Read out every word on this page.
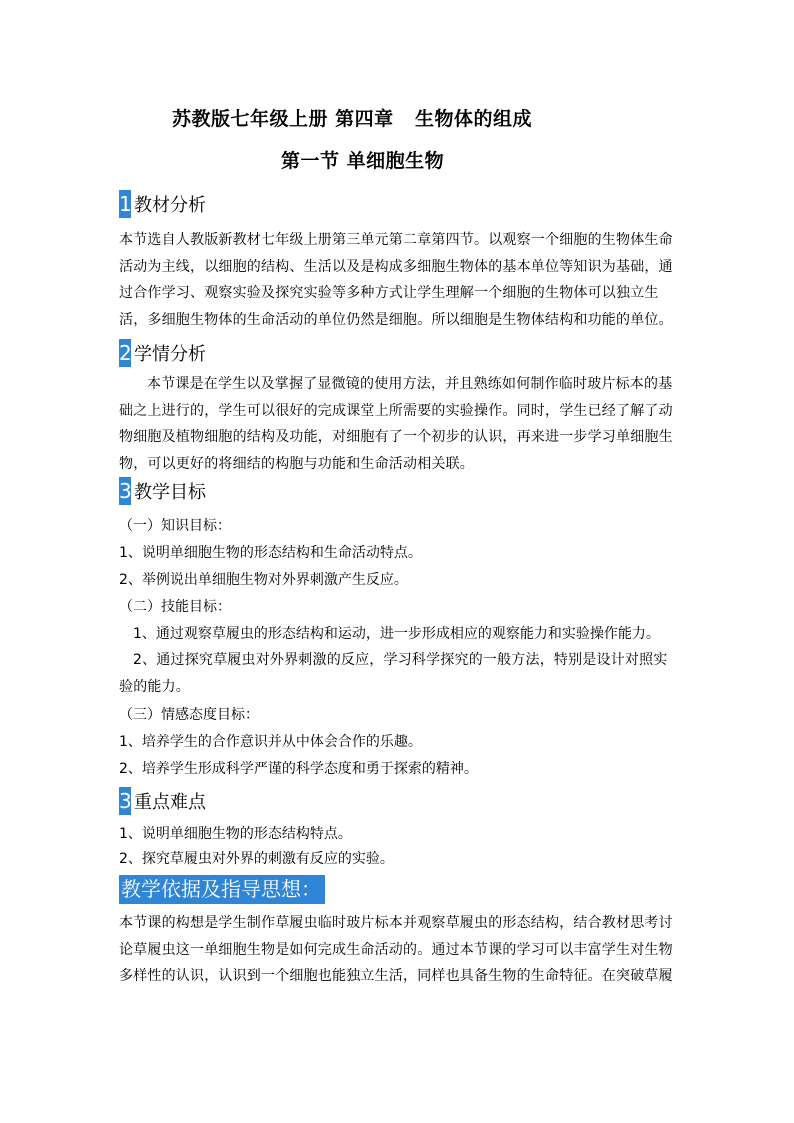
苏教版七年级上册 第四章   生物体的组成
第一节 单细胞生物
1 教材分析

本节选自人教版新教材七年级上册第三单元第二章第四节。以观察一个细胞的生物体生命活动为主线，以细胞的结构、生活以及是构成多细胞生物体的基本单位等知识为基础，通过合作学习、观察实验及探究实验等多种方式让学生理解一个细胞的生物体可以独立生活，多细胞生物体的生命活动的单位仍然是细胞。所以细胞是生物体结构和功能的单位。

2 学情分析

本节课是在学生以及掌握了显微镜的使用方法，并且熟练如何制作临时玻片标本的基础之上进行的，学生可以很好的完成课堂上所需要的实验操作。同时，学生已经了解了动物细胞及植物细胞的结构及功能，对细胞有了一个初步的认识，再来进一步学习单细胞生物，可以更好的将细结的构胞与功能和生命活动相关联。

3 教学目标
（一）知识目标：
1、说明单细胞生物的形态结构和生命活动特点。
2、举例说出单细胞生物对外界刺激产生反应。
（二）技能目标：
1、通过观察草履虫的形态结构和运动，进一步形成相应的观察能力和实验操作能力。

2、通过探究草履虫对外界刺激的反应，学习科学探究的一般方法，特别是设计对照实验的能力。

（三）情感态度目标：
1、培养学生的合作意识并从中体会合作的乐趣。
2、培养学生形成科学严谨的科学态度和勇于探索的精神。
3 重点难点
1、说明单细胞生物的形态结构特点。
2、探究草履虫对外界的刺激有反应的实验。
教学依据及指导思想：

本节课的构想是学生制作草履虫临时玻片标本并观察草履虫的形态结构，结合教材思考讨论草履虫这一单细胞生物是如何完成生命活动的。通过本节课的学习可以丰富学生对生物多样性的认识，认识到一个细胞也能独立生活，同样也具备生物的生命特征。在突破草履
